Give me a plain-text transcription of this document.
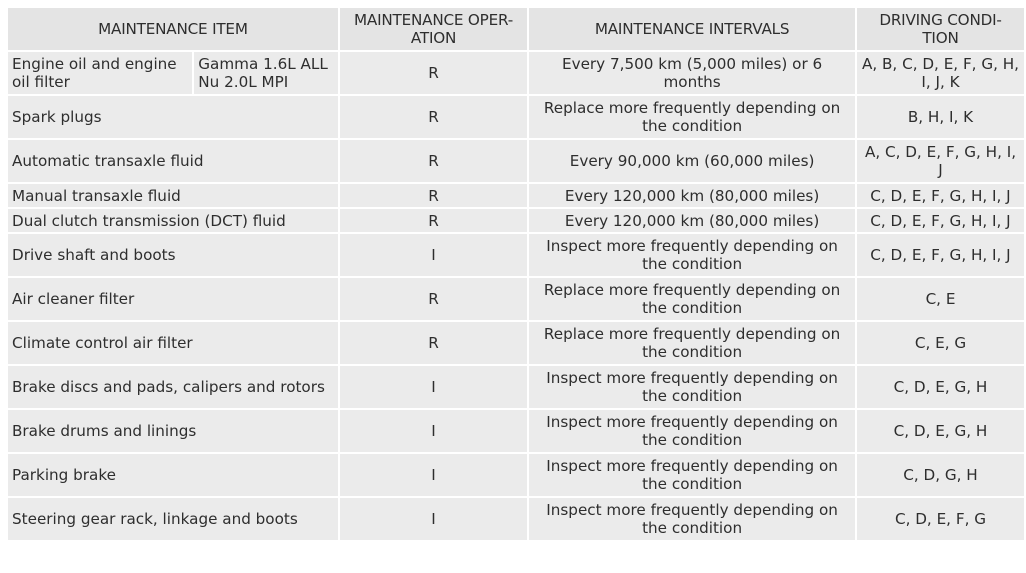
MAINTENANCE ITEM		MAINTENANCE OPER- ATION	MAINTENANCE INTERVALS	DRIVING CONDI- TION
Engine oil and engine oil filter	Gamma 1.6L ALL Nu 2.0L MPI	R	Every 7,500 km (5,000 miles) or 6 months	A, B, C, D, E, F, G, H, I, J, K
Spark plugs		R	Replace more frequently depending on the condition	B, H, I, K
Automatic transaxle fluid		R	Every 90,000 km (60,000 miles)	A, C, D, E, F, G, H, I, J
Manual transaxle fluid		R	Every 120,000 km (80,000 miles)	C, D, E, F, G, H, I, J
Dual clutch transmission (DCT) fluid		R	Every 120,000 km (80,000 miles)	C, D, E, F, G, H, I, J
Drive shaft and boots		I	Inspect more frequently depending on the condition	C, D, E, F, G, H, I, J
Air cleaner filter		R	Replace more frequently depending on the condition	C, E
Climate control air filter		R	Replace more frequently depending on the condition	C, E, G
Brake discs and pads, calipers and rotors		I	Inspect more frequently depending on the condition	C, D, E, G, H
Brake drums and linings		I	Inspect more frequently depending on the condition	C, D, E, G, H
Parking brake		I	Inspect more frequently depending on the condition	C, D, G, H
Steering gear rack, linkage and boots		I	Inspect more frequently depending on the condition	C, D, E, F, G
